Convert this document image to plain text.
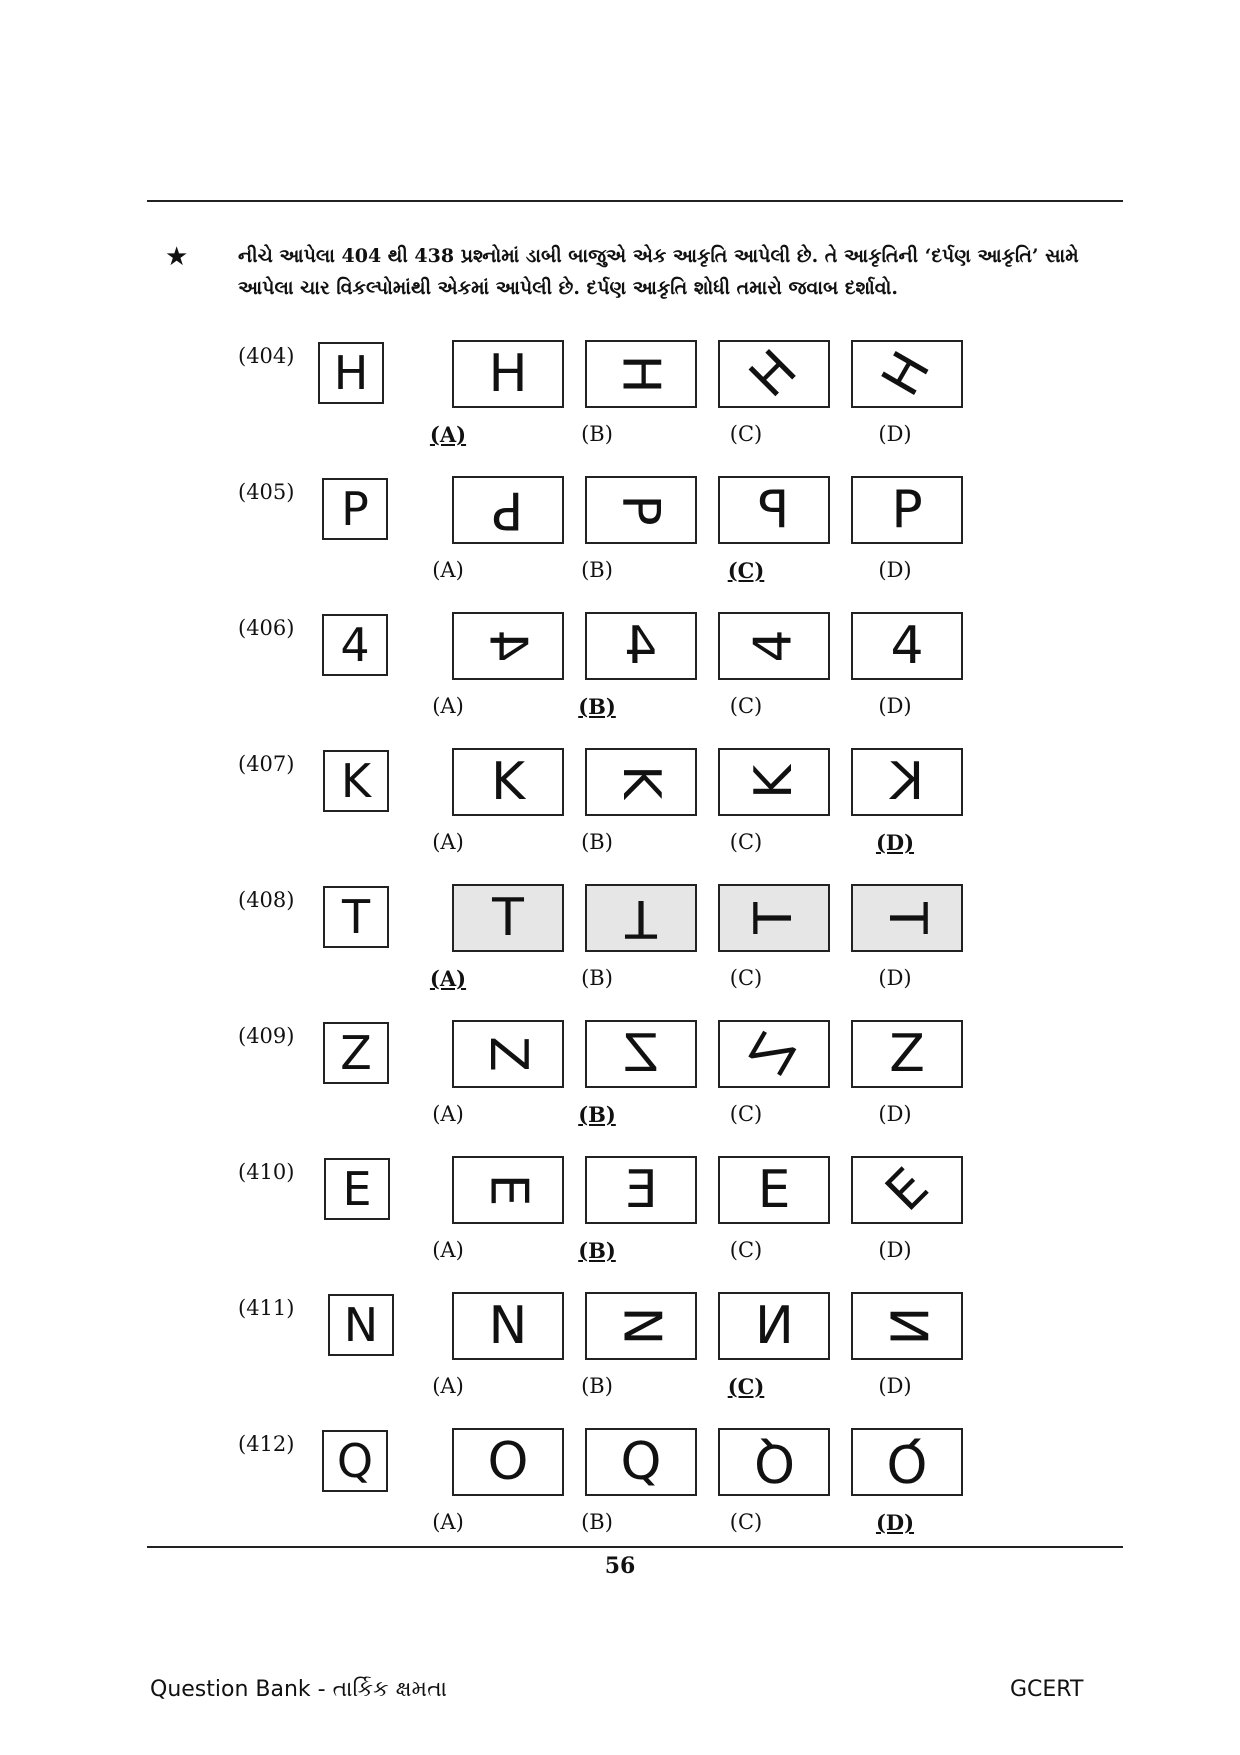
★	નીચે આપેલા 404 થી 438 પ્રશ્નોમાં ડાબી બાજુએ એક આકૃતિ આપેલી છે. તે આકૃતિની ‘દર્પણ આકૃતિ’ સામે
આપેલા ચાર વિકલ્પોમાંથી એકમાં આપેલી છે. દર્પણ આકૃતિ શોધી તમારો જવાબ દર્શાવો.
(404) H H
(A)
H
(B)
H
(C)
H
(D)
(405) P P
(A)
P
(B)
P
(C)
P
(D)
(406) 4 4
(A)
4
(B)
4
(C)
4
(D)
(407) K K
(A)
K
(B)
K
(C)
K
(D)
(408) T T
(A)
T
(B)
T
(C)
T
(D)
(409) Z Z
(A)
Z
(B)
Z
(C)
Z
(D)
(410) E E
(A)
E
(B)
E
(C)
E
(D)
(411) N N
(A)
N
(B)
N
(C)
N
(D)
(412) Q O
(A)
Q
(B)
Q
(C)
Q
(D)
56
Question Bank - તાર્કિક ક્ષમતા	GCERT
